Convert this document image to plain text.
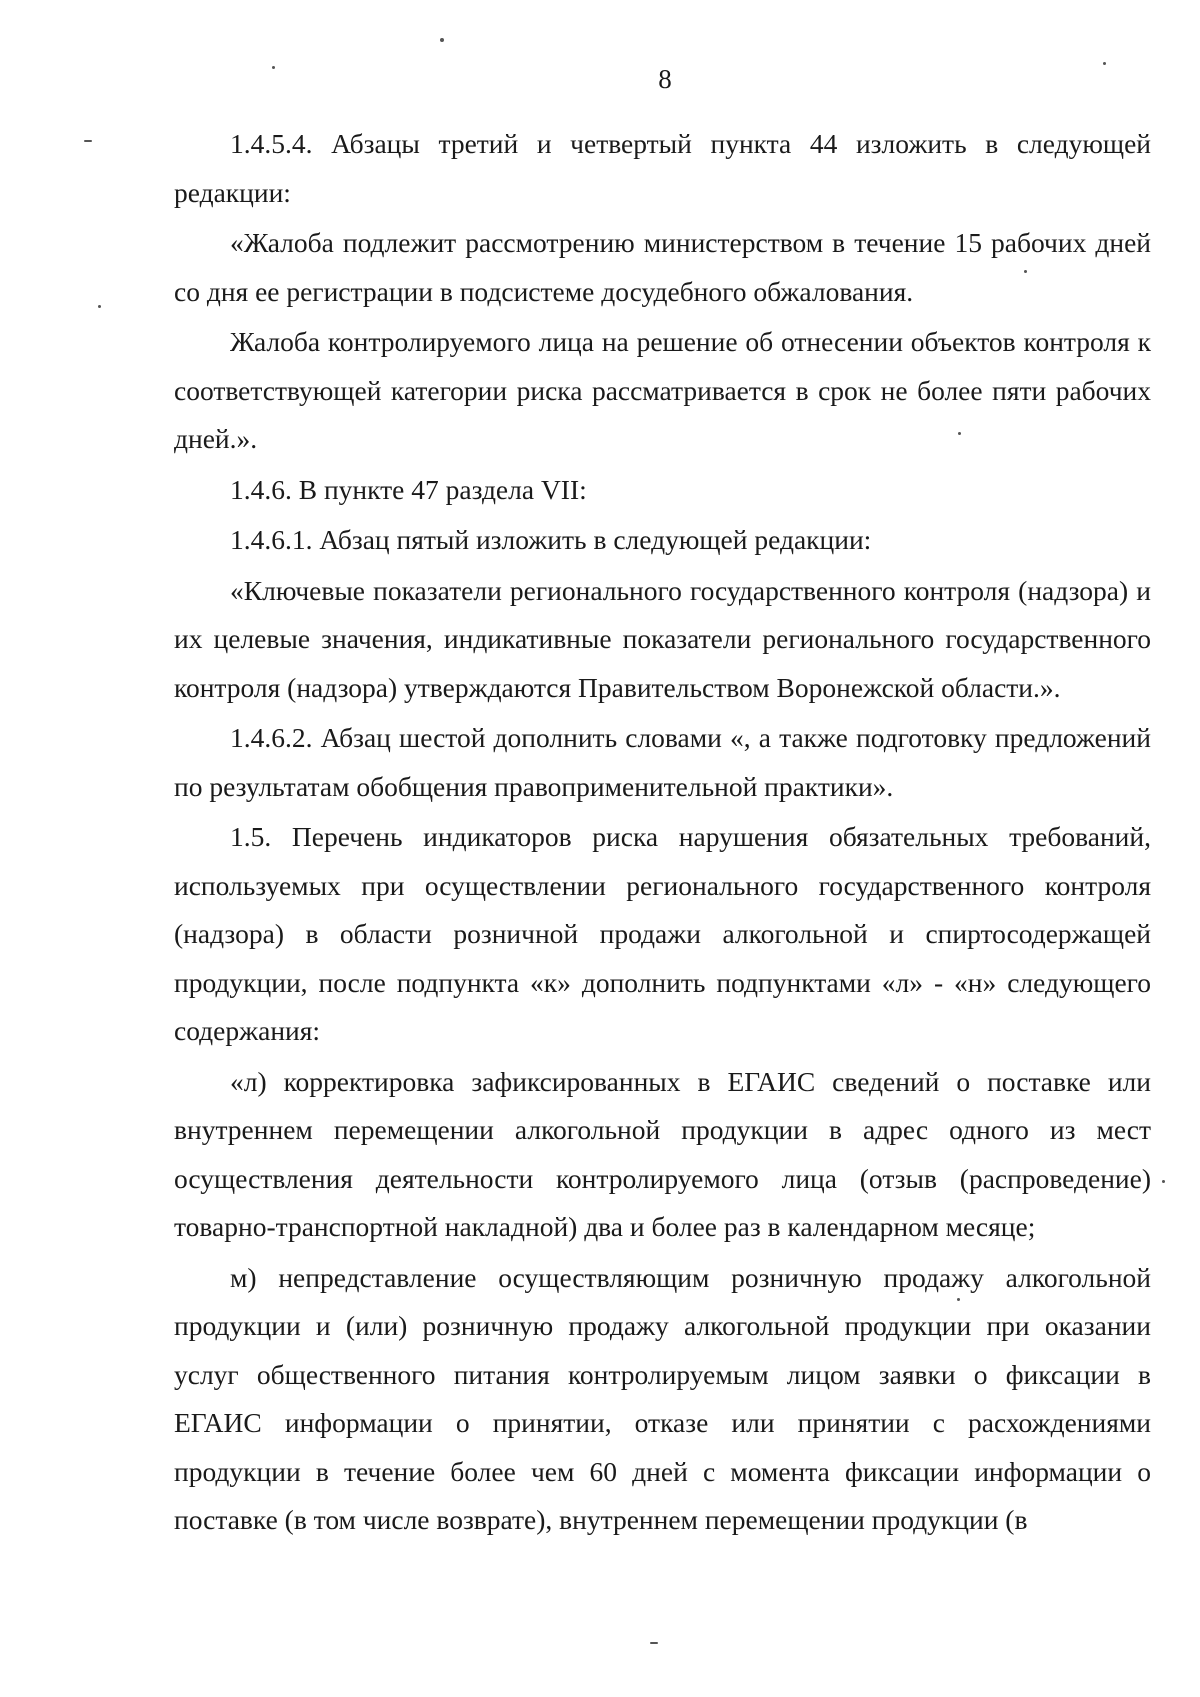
8

1.4.5.4. Абзацы третий и четвертый пункта 44 изложить в следующей редакции:

«Жалоба подлежит рассмотрению министерством в течение 15 рабочих дней со дня ее регистрации в подсистеме досудебного обжалования.

Жалоба контролируемого лица на решение об отнесении объектов контроля к соответствующей категории риска рассматривается в срок не более пяти рабочих дней.».

1.4.6. В пункте 47 раздела VII:

1.4.6.1. Абзац пятый изложить в следующей редакции:

«Ключевые показатели регионального государственного контроля (надзора) и их целевые значения, индикативные показатели регионального государственного контроля (надзора) утверждаются Правительством Воронежской области.».

1.4.6.2. Абзац шестой дополнить словами «, а также подготовку предложений по результатам обобщения правоприменительной практики».

1.5. Перечень индикаторов риска нарушения обязательных требований, используемых при осуществлении регионального государственного контроля (надзора) в области розничной продажи алкогольной и спиртосодержащей продукции, после подпункта «к» дополнить подпунктами «л» - «н» следующего содержания:

«л) корректировка зафиксированных в ЕГАИС сведений о поставке или внутреннем перемещении алкогольной продукции в адрес одного из мест осуществления деятельности контролируемого лица (отзыв (распроведение) товарно-транспортной накладной) два и более раз в календарном месяце;

м) непредставление осуществляющим розничную продажу алкогольной продукции и (или) розничную продажу алкогольной продукции при оказании услуг общественного питания контролируемым лицом заявки о фиксации в ЕГАИС информации о принятии, отказе или принятии с расхождениями продукции в течение более чем 60 дней с момента фиксации информации о поставке (в том числе возврате), внутреннем перемещении продукции (в
